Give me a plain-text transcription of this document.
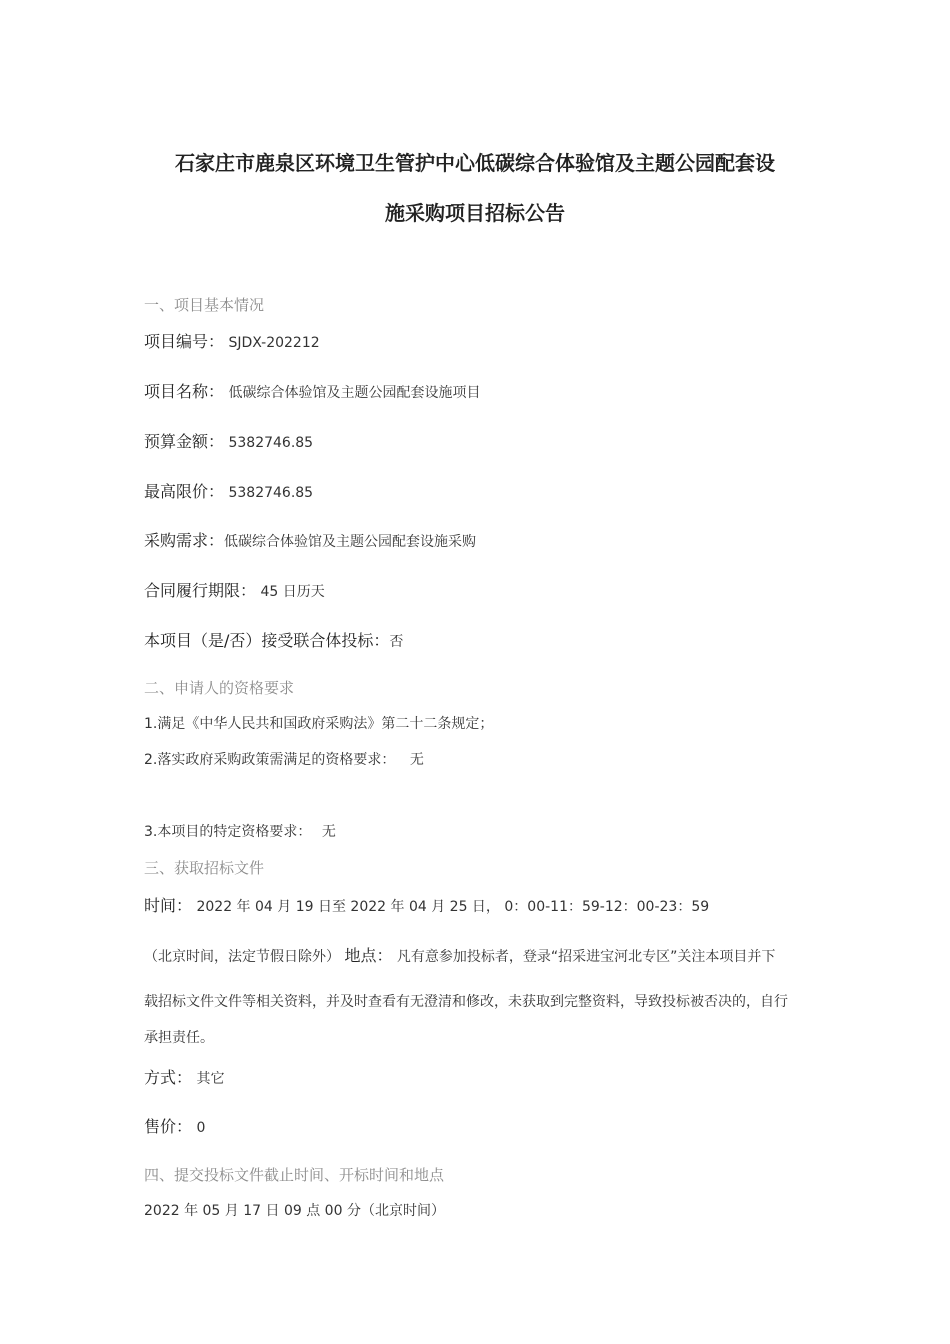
石家庄市鹿泉区环境卫生管护中心低碳综合体验馆及主题公园配套设
施采购项目招标公告
一、项目基本情况
项目编号： SJDX-202212
项目名称： 低碳综合体验馆及主题公园配套设施项目
预算金额： 5382746.85
最高限价： 5382746.85
采购需求：低碳综合体验馆及主题公园配套设施采购
合同履行期限： 45 日历天
本项目（是/否）接受联合体投标：否
二、申请人的资格要求
1.满足《中华人民共和国政府采购法》第二十二条规定；
2.落实政府采购政策需满足的资格要求： 无
3.本项目的特定资格要求： 无
三、获取招标文件
时间： 2022 年 04 月 19 日至 2022 年 04 月 25 日， 0：00-11：59-12：00-23：59
（北京时间，法定节假日除外） 地点： 凡有意参加投标者，登录“招采进宝河北专区”关注本项目并下
载招标文件文件等相关资料，并及时查看有无澄清和修改，未获取到完整资料，导致投标被否决的，自行
承担责任。
方式： 其它
售价： 0
四、提交投标文件截止时间、开标时间和地点
2022 年 05 月 17 日 09 点 00 分（北京时间）
